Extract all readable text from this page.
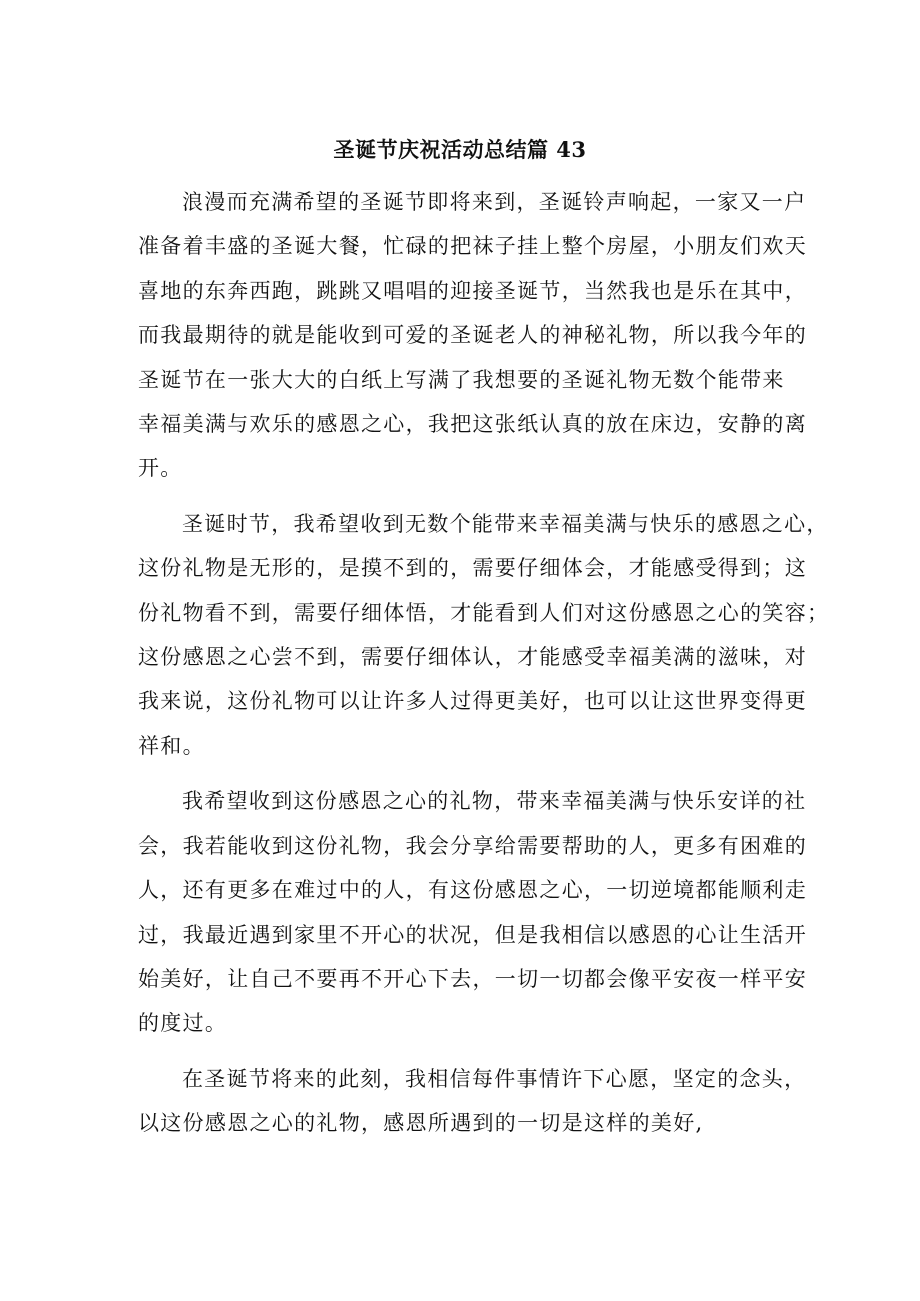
圣诞节庆祝活动总结篇 43
浪漫而充满希望的圣诞节即将来到，圣诞铃声响起，一家又一户
准备着丰盛的圣诞大餐，忙碌的把袜子挂上整个房屋，小朋友们欢天
喜地的东奔西跑，跳跳又唱唱的迎接圣诞节，当然我也是乐在其中，
而我最期待的就是能收到可爱的圣诞老人的神秘礼物，所以我今年的
圣诞节在一张大大的白纸上写满了我想要的圣诞礼物无数个能带来
幸福美满与欢乐的感恩之心，我把这张纸认真的放在床边，安静的离
开。
圣诞时节，我希望收到无数个能带来幸福美满与快乐的感恩之心，
这份礼物是无形的，是摸不到的，需要仔细体会，才能感受得到；这
份礼物看不到，需要仔细体悟，才能看到人们对这份感恩之心的笑容；
这份感恩之心尝不到，需要仔细体认，才能感受幸福美满的滋味，对
我来说，这份礼物可以让许多人过得更美好，也可以让这世界变得更
祥和。
我希望收到这份感恩之心的礼物，带来幸福美满与快乐安详的社
会，我若能收到这份礼物，我会分享给需要帮助的人，更多有困难的
人，还有更多在难过中的人，有这份感恩之心，一切逆境都能顺利走
过，我最近遇到家里不开心的状况，但是我相信以感恩的心让生活开
始美好，让自己不要再不开心下去，一切一切都会像平安夜一样平安
的度过。
在圣诞节将来的此刻，我相信每件事情许下心愿，坚定的念头，
以这份感恩之心的礼物，感恩所遇到的一切是这样的美好,
